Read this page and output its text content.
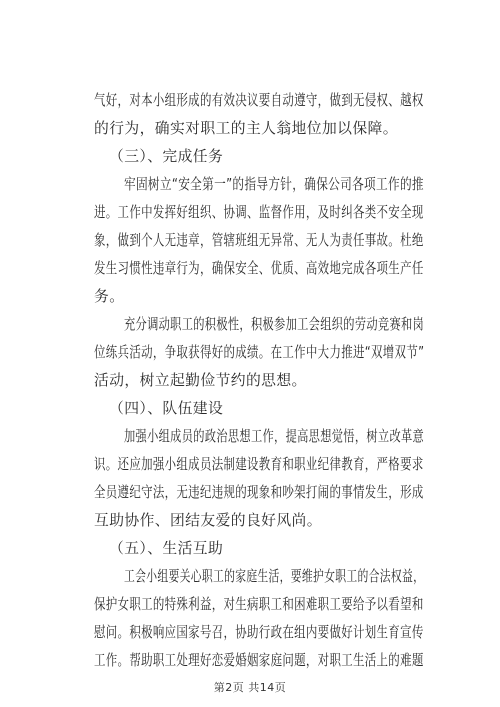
气好，对本小组形成的有效决议要自动遵守，做到无侵权、越权
的行为，确实对职工的主人翁地位加以保障。
（三）、完成任务
牢固树立“安全第一”的指导方针，确保公司各项工作的推
进。工作中发挥好组织、协调、监督作用，及时纠各类不安全现
象，做到个人无违章，管辖班组无异常、无人为责任事故。杜绝
发生习惯性违章行为，确保安全、优质、高效地完成各项生产任
务。
充分调动职工的积极性，积极参加工会组织的劳动竞赛和岗
位练兵活动，争取获得好的成绩。在工作中大力推进“双增双节”
活动，树立起勤俭节约的思想。
（四）、队伍建设
加强小组成员的政治思想工作，提高思想觉悟，树立改革意
识。还应加强小组成员法制建设教育和职业纪律教育，严格要求
全员遵纪守法，无违纪违规的现象和吵架打闹的事情发生，形成
互助协作、团结友爱的良好风尚。
（五）、生活互助
工会小组要关心职工的家庭生活，要维护女职工的合法权益，
保护女职工的特殊利益，对生病职工和困难职工要给予以看望和
慰问。积极响应国家号召，协助行政在组内要做好计划生育宣传
工作。帮助职工处理好恋爱婚姻家庭问题，对职工生活上的难题
第2页 共14页
